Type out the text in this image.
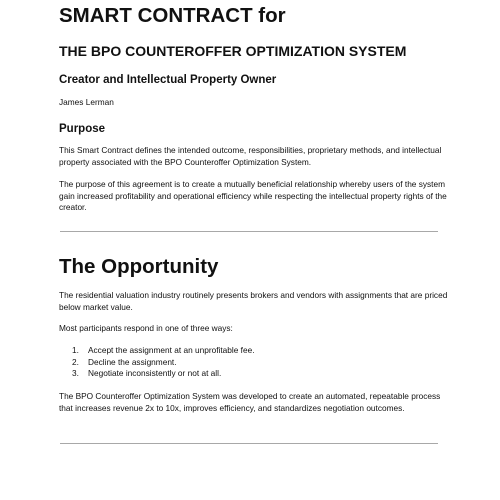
SMART CONTRACT for
THE BPO COUNTEROFFER OPTIMIZATION SYSTEM
Creator and Intellectual Property Owner

James Lerman

Purpose

This Smart Contract defines the intended outcome, responsibilities, proprietary methods, and intellectual property associated with the BPO Counteroffer Optimization System.

The purpose of this agreement is to create a mutually beneficial relationship whereby users of the system gain increased profitability and operational efficiency while respecting the intellectual property rights of the creator.

The Opportunity

The residential valuation industry routinely presents brokers and vendors with assignments that are priced below market value.

Most participants respond in one of three ways:

1. Accept the assignment at an unprofitable fee.
2. Decline the assignment.
3. Negotiate inconsistently or not at all.

The BPO Counteroffer Optimization System was developed to create an automated, repeatable process that increases revenue 2x to 10x, improves efficiency, and standardizes negotiation outcomes.
